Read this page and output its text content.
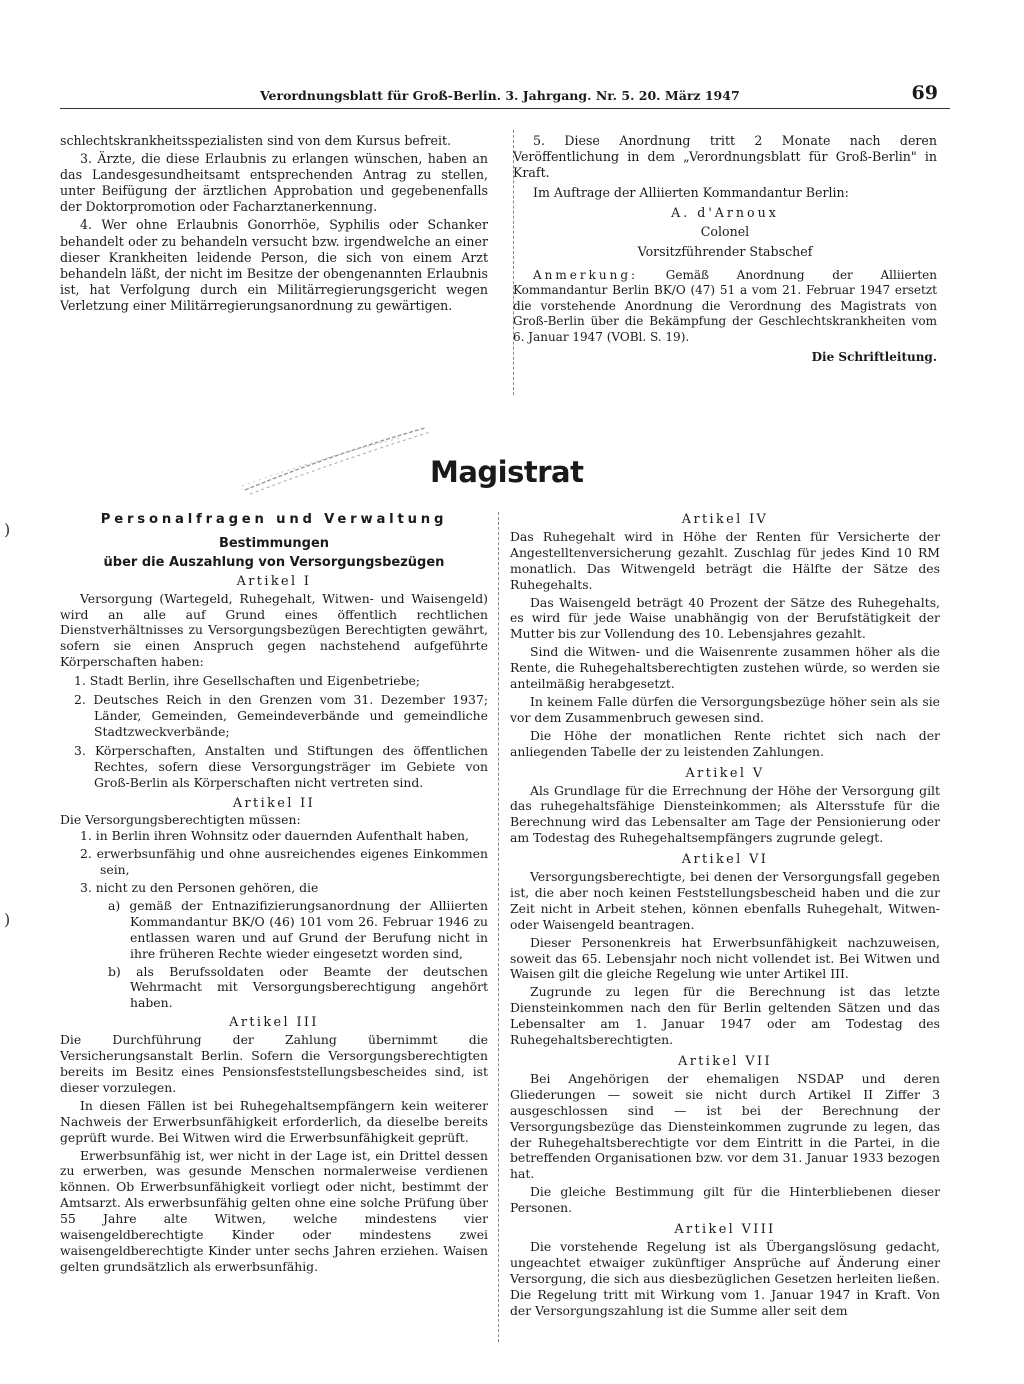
Verordnungsblatt für Groß-Berlin. 3. Jahrgang. Nr. 5. 20. März 1947	69

schlechtskrankheitsspezialisten sind von dem Kursus befreit.

3. Ärzte, die diese Erlaubnis zu erlangen wünschen, haben an das Landesgesundheitsamt entsprechenden Antrag zu stellen, unter Beifügung der ärztlichen Approbation und gegebenenfalls der Doktorpromotion oder Facharztanerkennung.

4. Wer ohne Erlaubnis Gonorrhöe, Syphilis oder Schanker behandelt oder zu behandeln versucht bzw. irgendwelche an einer dieser Krankheiten leidende Person, die sich von einem Arzt behandeln läßt, der nicht im Besitze der obengenannten Erlaubnis ist, hat Verfolgung durch ein Militärregierungsgericht wegen Verletzung einer Militärregierungsanordnung zu gewärtigen.

5. Diese Anordnung tritt 2 Monate nach deren Veröffentlichung in dem „Verordnungsblatt für Groß-Berlin" in Kraft.

Im Auftrage der Alliierten Kommandantur Berlin:

A. d'Arnoux

Colonel

Vorsitzführender Stabschef

Anmerkung: Gemäß Anordnung der Alliierten Kommandantur Berlin BK/O (47) 51 a vom 21. Februar 1947 ersetzt die vorstehende Anordnung die Verordnung des Magistrats von Groß-Berlin über die Bekämpfung der Geschlechtskrankheiten vom 6. Januar 1947 (VOBl. S. 19).

Die Schriftleitung.

Magistrat
)
)
Personalfragen und Verwaltung
Bestimmungen
über die Auszahlung von Versorgungsbezügen
Artikel I

Versorgung (Wartegeld, Ruhegehalt, Witwen- und Waisengeld) wird an alle auf Grund eines öffentlich rechtlichen Dienstverhältnisses zu Versorgungsbezügen Berechtigten gewährt, sofern sie einen Anspruch gegen nachstehend aufgeführte Körperschaften haben:

1. Stadt Berlin, ihre Gesellschaften und Eigenbetriebe;

2. Deutsches Reich in den Grenzen vom 31. Dezember 1937; Länder, Gemeinden, Gemeindeverbände und gemeindliche Stadtzweckverbände;

3. Körperschaften, Anstalten und Stiftungen des öffentlichen Rechtes, sofern diese Versorgungsträger im Gebiete von Groß-Berlin als Körperschaften nicht vertreten sind.

Artikel II

Die Versorgungsberechtigten müssen:

1. in Berlin ihren Wohnsitz oder dauernden Aufenthalt haben,

2. erwerbsunfähig und ohne ausreichendes eigenes Einkommen sein,

3. nicht zu den Personen gehören, die

a) gemäß der Entnazifizierungsanordnung der Alliierten Kommandantur BK/O (46) 101 vom 26. Februar 1946 zu entlassen waren und auf Grund der Berufung nicht in ihre früheren Rechte wieder eingesetzt worden sind,

b) als Berufssoldaten oder Beamte der deutschen Wehrmacht mit Versorgungsberechtigung angehört haben.

Artikel III

Die Durchführung der Zahlung übernimmt die Versicherungsanstalt Berlin. Sofern die Versorgungsberechtigten bereits im Besitz eines Pensionsfeststellungsbescheides sind, ist dieser vorzulegen.

In diesen Fällen ist bei Ruhegehaltsempfängern kein weiterer Nachweis der Erwerbsunfähigkeit erforderlich, da dieselbe bereits geprüft wurde. Bei Witwen wird die Erwerbsunfähigkeit geprüft.

Erwerbsunfähig ist, wer nicht in der Lage ist, ein Drittel dessen zu erwerben, was gesunde Menschen normalerweise verdienen können. Ob Erwerbsunfähigkeit vorliegt oder nicht, bestimmt der Amtsarzt. Als erwerbsunfähig gelten ohne eine solche Prüfung über 55 Jahre alte Witwen, welche mindestens vier waisengeldberechtigte Kinder oder mindestens zwei waisengeldberechtigte Kinder unter sechs Jahren erziehen. Waisen gelten grundsätzlich als erwerbsunfähig.

Artikel IV

Das Ruhegehalt wird in Höhe der Renten für Versicherte der Angestelltenversicherung gezahlt. Zuschlag für jedes Kind 10 RM monatlich. Das Witwengeld beträgt die Hälfte der Sätze des Ruhegehalts.

Das Waisengeld beträgt 40 Prozent der Sätze des Ruhegehalts, es wird für jede Waise unabhängig von der Berufstätigkeit der Mutter bis zur Vollendung des 10. Lebensjahres gezahlt.

Sind die Witwen- und die Waisenrente zusammen höher als die Rente, die Ruhegehaltsberechtigten zustehen würde, so werden sie anteilmäßig herabgesetzt.

In keinem Falle dürfen die Versorgungsbezüge höher sein als sie vor dem Zusammenbruch gewesen sind.

Die Höhe der monatlichen Rente richtet sich nach der anliegenden Tabelle der zu leistenden Zahlungen.

Artikel V

Als Grundlage für die Errechnung der Höhe der Versorgung gilt das ruhegehaltsfähige Diensteinkommen; als Altersstufe für die Berechnung wird das Lebensalter am Tage der Pensionierung oder am Todestag des Ruhegehaltsempfängers zugrunde gelegt.

Artikel VI

Versorgungsberechtigte, bei denen der Versorgungsfall gegeben ist, die aber noch keinen Feststellungsbescheid haben und die zur Zeit nicht in Arbeit stehen, können ebenfalls Ruhegehalt, Witwen- oder Waisengeld beantragen.

Dieser Personenkreis hat Erwerbsunfähigkeit nachzuweisen, soweit das 65. Lebensjahr noch nicht vollendet ist. Bei Witwen und Waisen gilt die gleiche Regelung wie unter Artikel III.

Zugrunde zu legen für die Berechnung ist das letzte Diensteinkommen nach den für Berlin geltenden Sätzen und das Lebensalter am 1. Januar 1947 oder am Todestag des Ruhegehaltsberechtigten.

Artikel VII

Bei Angehörigen der ehemaligen NSDAP und deren Gliederungen — soweit sie nicht durch Artikel II Ziffer 3 ausgeschlossen sind — ist bei der Berechnung der Versorgungsbezüge das Diensteinkommen zugrunde zu legen, das der Ruhegehaltsberechtigte vor dem Eintritt in die Partei, in die betreffenden Organisationen bzw. vor dem 31. Januar 1933 bezogen hat.

Die gleiche Bestimmung gilt für die Hinterbliebenen dieser Personen.

Artikel VIII

Die vorstehende Regelung ist als Übergangslösung gedacht, ungeachtet etwaiger zukünftiger Ansprüche auf Änderung einer Versorgung, die sich aus diesbezüglichen Gesetzen herleiten ließen. Die Regelung tritt mit Wirkung vom 1. Januar 1947 in Kraft. Von der Versorgungszahlung ist die Summe aller seit dem
